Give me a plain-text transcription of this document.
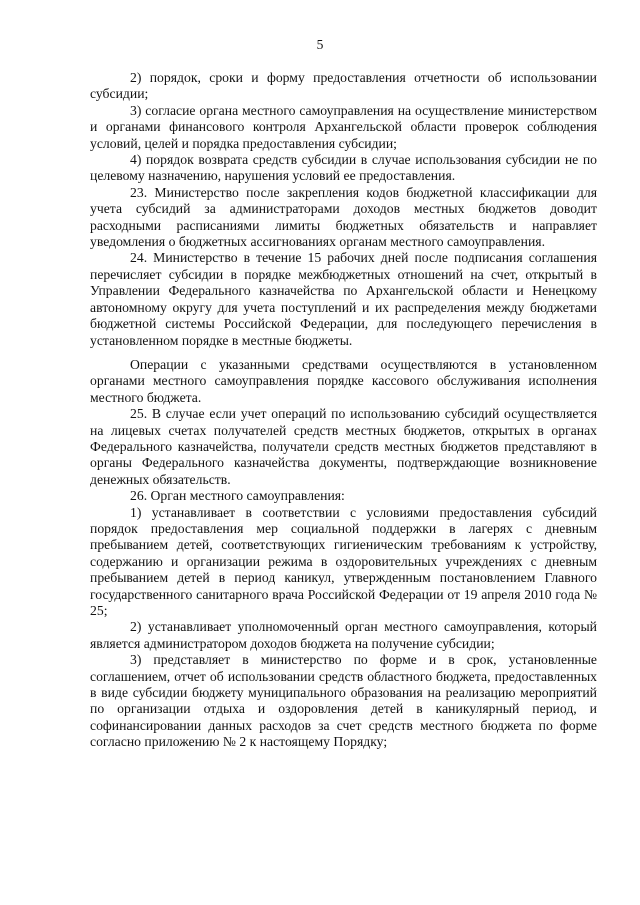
5

2) порядок, сроки и форму предоставления отчетности об использовании субсидии;

3) согласие органа местного самоуправления на осуществление министерством и органами финансового контроля Архангельской области проверок соблюдения условий, целей и порядка предоставления субсидии;

4) порядок возврата средств субсидии в случае использования субсидии не по целевому назначению, нарушения условий ее предоставления.

23. Министерство после закрепления кодов бюджетной классификации для учета субсидий за администраторами доходов местных бюджетов доводит расходными расписаниями лимиты бюджетных обязательств и направляет уведомления о бюджетных ассигнованиях органам местного самоуправления.

24. Министерство в течение 15 рабочих дней после подписания соглашения перечисляет субсидии в порядке межбюджетных отношений на счет, открытый в Управлении Федерального казначейства по Архангельской области и Ненецкому автономному округу для учета поступлений и их распределения между бюджетами бюджетной системы Российской Федерации, для последующего перечисления в установленном порядке в местные бюджеты.

Операции с указанными средствами осуществляются в установленном органами местного самоуправления порядке кассового обслуживания исполнения местного бюджета.

25. В случае если учет операций по использованию субсидий осуществляется на лицевых счетах получателей средств местных бюджетов, открытых в органах Федерального казначейства, получатели средств местных бюджетов представляют в органы Федерального казначейства документы, подтверждающие возникновение денежных обязательств.

26. Орган местного самоуправления:

1) устанавливает в соответствии с условиями предоставления субсидий порядок предоставления мер социальной поддержки в лагерях с дневным пребыванием детей, соответствующих гигиеническим требованиям к устройству, содержанию и организации режима в оздоровительных учреждениях с дневным пребыванием детей в период каникул, утвержденным постановлением Главного государственного санитарного врача Российской Федерации от 19 апреля 2010 года № 25;

2) устанавливает уполномоченный орган местного самоуправления, который является администратором доходов бюджета на получение субсидии;

3) представляет в министерство по форме и в срок, установленные соглашением, отчет об использовании средств областного бюджета, предоставленных в виде субсидии бюджету муниципального образования на реализацию мероприятий по организации отдыха и оздоровления детей в каникулярный период, и софинансировании данных расходов за счет средств местного бюджета по форме согласно приложению № 2 к настоящему Порядку;
